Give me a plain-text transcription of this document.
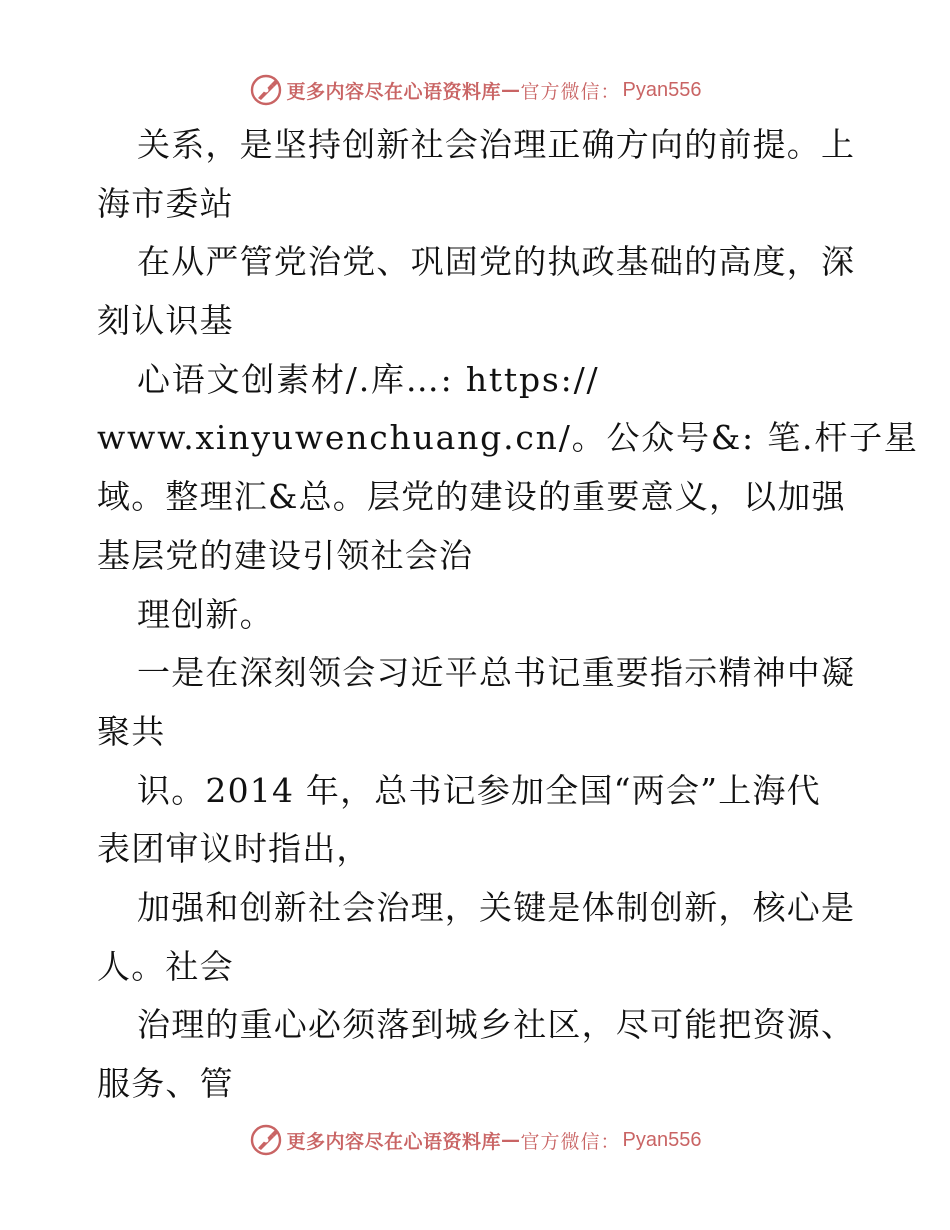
更多内容尽在心语资料库 — 官方微信： Pyan556
关系，是坚持创新社会治理正确方向的前提。上
海市委站
在从严管党治党、巩固党的执政基础的高度，深
刻认识基
心语文创素材/.库…: https://
www.xinyuwenchuang.cn/。公众号&: 笔.杆子星
域。整理汇&总。层党的建设的重要意义，以加强
基层党的建设引领社会治
理创新。
一是在深刻领会习近平总书记重要指示精神中凝
聚共
识。2014 年，总书记参加全国“两会”上海代
表团审议时指出，
加强和创新社会治理，关键是体制创新，核心是
人。社会
治理的重心必须落到城乡社区，尽可能把资源、
服务、管
更多内容尽在心语资料库 — 官方微信： Pyan556
